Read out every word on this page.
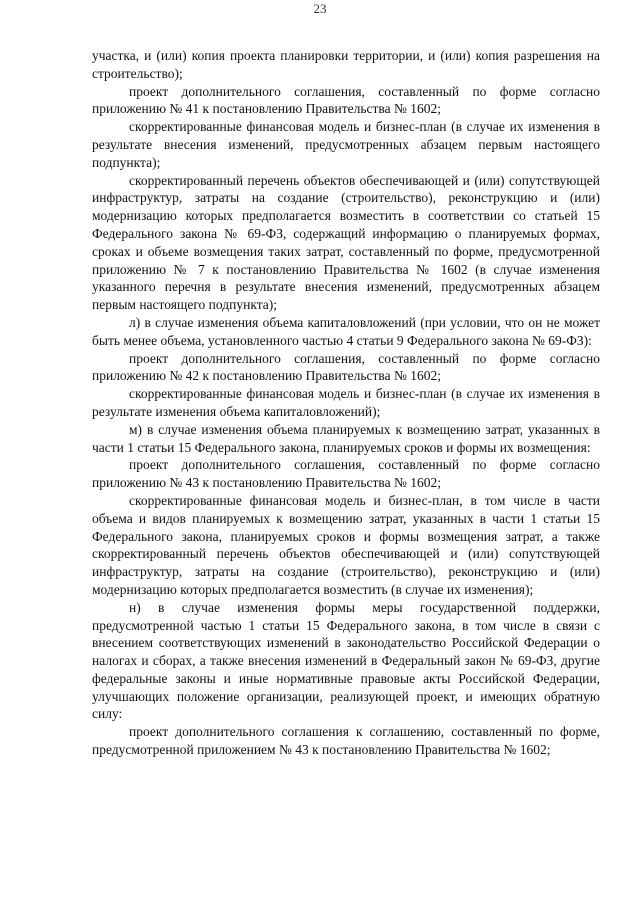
23

участка, и (или) копия проекта планировки территории, и (или) копия разрешения на строительство);

проект дополнительного соглашения, составленный по форме согласно приложению № 41 к постановлению Правительства № 1602;

скорректированные финансовая модель и бизнес-план (в случае их изменения в результате внесения изменений, предусмотренных абзацем первым настоящего подпункта);

скорректированный перечень объектов обеспечивающей и (или) сопутствующей инфраструктур, затраты на создание (строительство), реконструкцию и (или) модернизацию которых предполагается возместить в соответствии со статьей 15 Федерального закона № 69-ФЗ, содержащий информацию о планируемых формах, сроках и объеме возмещения таких затрат, составленный по форме, предусмотренной приложению № 7 к постановлению Правительства № 1602 (в случае изменения указанного перечня в результате внесения изменений, предусмотренных абзацем первым настоящего подпункта);

л) в случае изменения объема капиталовложений (при условии, что он не может быть менее объема, установленного частью 4 статьи 9 Федерального закона № 69-ФЗ):

проект дополнительного соглашения, составленный по форме согласно приложению № 42 к постановлению Правительства № 1602;

скорректированные финансовая модель и бизнес-план (в случае их изменения в результате изменения объема капиталовложений);

м) в случае изменения объема планируемых к возмещению затрат, указанных в части 1 статьи 15 Федерального закона, планируемых сроков и формы их возмещения:

проект дополнительного соглашения, составленный по форме согласно приложению № 43 к постановлению Правительства № 1602;

скорректированные финансовая модель и бизнес-план, в том числе в части объема и видов планируемых к возмещению затрат, указанных в части 1 статьи 15 Федерального закона, планируемых сроков и формы возмещения затрат, а также скорректированный перечень объектов обеспечивающей и (или) сопутствующей инфраструктур, затраты на создание (строительство), реконструкцию и (или) модернизацию которых предполагается возместить (в случае их изменения);

н) в случае изменения формы меры государственной поддержки, предусмотренной частью 1 статьи 15 Федерального закона, в том числе в связи с внесением соответствующих изменений в законодательство Российской Федерации о налогах и сборах, а также внесения изменений в Федеральный закон № 69-ФЗ, другие федеральные законы и иные нормативные правовые акты Российской Федерации, улучшающих положение организации, реализующей проект, и имеющих обратную силу:

проект дополнительного соглашения к соглашению, составленный по форме, предусмотренной приложением № 43 к постановлению Правительства № 1602;
